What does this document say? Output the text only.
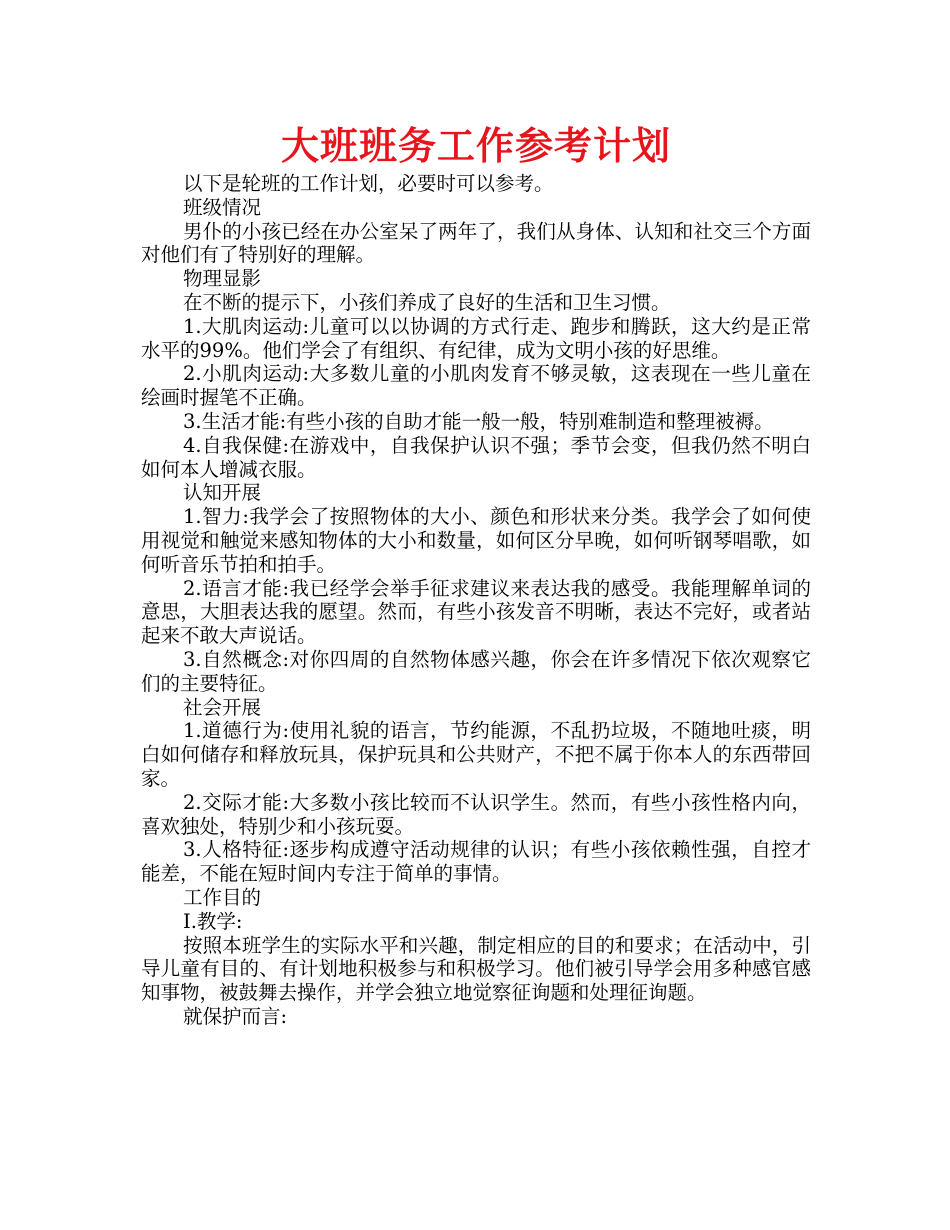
大班班务工作参考计划

以下是轮班的工作计划，必要时可以参考。

班级情况

男仆的小孩已经在办公室呆了两年了，我们从身体、认知和社交三个方面对他们有了特别好的理解。

物理显影

在不断的提示下，小孩们养成了良好的生活和卫生习惯。

1.大肌肉运动:儿童可以以协调的方式行走、跑步和腾跃，这大约是正常水平的99%。他们学会了有组织、有纪律，成为文明小孩的好思维。

2.小肌肉运动:大多数儿童的小肌肉发育不够灵敏，这表现在一些儿童在绘画时握笔不正确。

3.生活才能:有些小孩的自助才能一般一般，特别难制造和整理被褥。

4.自我保健:在游戏中，自我保护认识不强；季节会变，但我仍然不明白如何本人增减衣服。

认知开展

1.智力:我学会了按照物体的大小、颜色和形状来分类。我学会了如何使用视觉和触觉来感知物体的大小和数量，如何区分早晚，如何听钢琴唱歌，如何听音乐节拍和拍手。

2.语言才能:我已经学会举手征求建议来表达我的感受。我能理解单词的意思，大胆表达我的愿望。然而，有些小孩发音不明晰，表达不完好，或者站起来不敢大声说话。

3.自然概念:对你四周的自然物体感兴趣，你会在许多情况下依次观察它们的主要特征。

社会开展

1.道德行为:使用礼貌的语言，节约能源，不乱扔垃圾，不随地吐痰，明白如何储存和释放玩具，保护玩具和公共财产，不把不属于你本人的东西带回家。

2.交际才能:大多数小孩比较而不认识学生。然而，有些小孩性格内向，喜欢独处，特别少和小孩玩耍。

3.人格特征:逐步构成遵守活动规律的认识；有些小孩依赖性强，自控才能差，不能在短时间内专注于简单的事情。

工作目的

Ⅰ.教学:

按照本班学生的实际水平和兴趣，制定相应的目的和要求；在活动中，引导儿童有目的、有计划地积极参与和积极学习。他们被引导学会用多种感官感知事物，被鼓舞去操作，并学会独立地觉察征询题和处理征询题。

就保护而言:
